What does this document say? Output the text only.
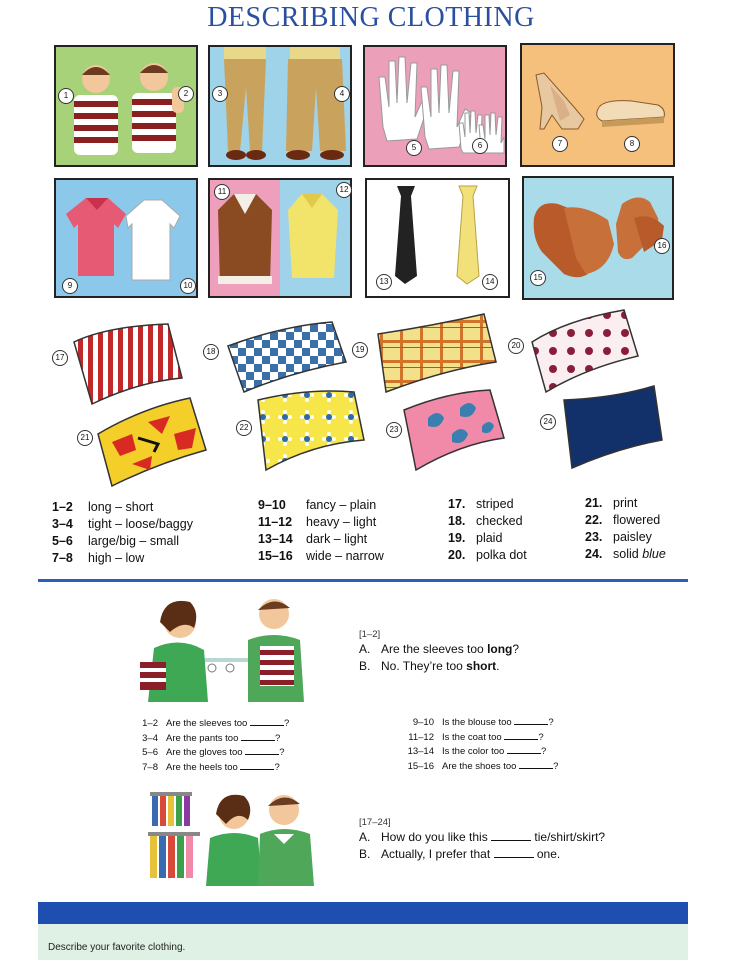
DESCRIBING CLOTHING
1	2	3	4
5	6	7	8
9	10
11	12
13	14	15
16
17
18	19	20
21
22	23
24
1–2 long – short
3–4 tight – loose/baggy
5–6 large/big – small
7–8 high – low
9–10 fancy – plain
11–12 heavy – light
13–14 dark – light
15–16 wide – narrow
17. striped
18. checked
19. plaid
20. polka dot
21. print
22. flowered
23. paisley
24. solid blue
[1–2]
A. Are the sleeves too long?
B. No. They’re too short.
1–2 Are the sleeves too	?
3–4 Are the pants too	?
5–6 Are the gloves too	?
7–8 Are the heels too	?
9–10 Is the blouse too	?
11–12 Is the coat too	?
13–14 Is the color too	?
15–16 Are the shoes too	?
[17–24]
A. How do you like this	tie/shirt/skirt?
B. Actually, I prefer that	one.
Describe your favorite clothing.
